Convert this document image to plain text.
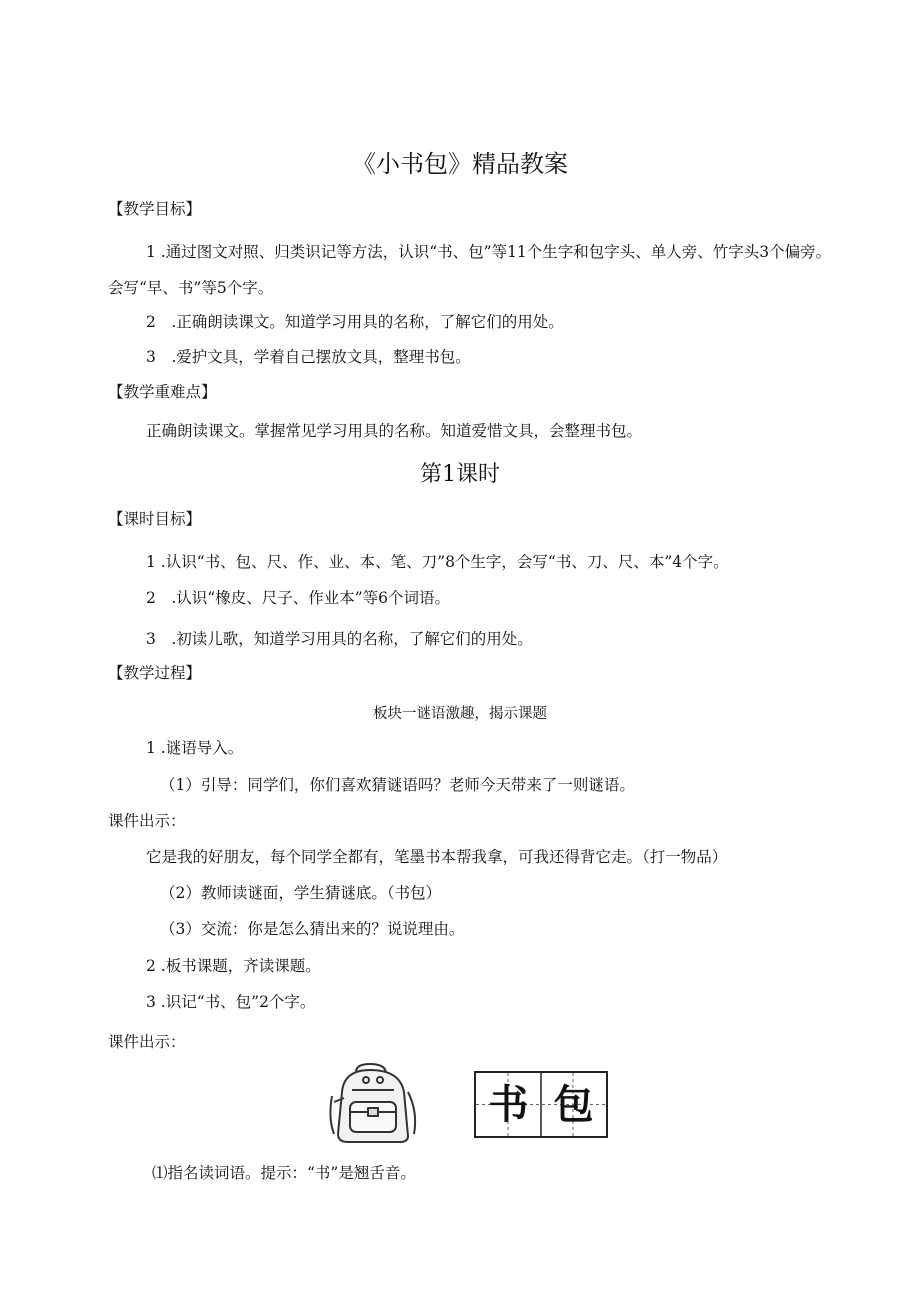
《小书包》精品教案
【教学目标】
1 .通过图文对照、归类识记等方法，认识“书、包”等11个生字和包字头、单人旁、竹字头3个偏旁。会写“早、书”等5个字。
2　.正确朗读课文。知道学习用具的名称，了解它们的用处。
3　.爱护文具，学着自己摆放文具，整理书包。
【教学重难点】
正确朗读课文。掌握常见学习用具的名称。知道爱惜文具，会整理书包。
第1课时
【课时目标】
1 .认识“书、包、尺、作、业、本、笔、刀”8个生字，会写“书、刀、尺、本”4个字。
2　.认识“橡皮、尺子、作业本”等6个词语。
3　.初读儿歌，知道学习用具的名称，了解它们的用处。
【教学过程】
板块一谜语激趣，揭示课题
1 .谜语导入。
（1）引导：同学们，你们喜欢猜谜语吗？老师今天带来了一则谜语。
课件出示：
它是我的好朋友，每个同学全都有，笔墨书本帮我拿，可我还得背它走。（打一物品）
（2）教师读谜面，学生猜谜底。（书包）
（3）交流：你是怎么猜出来的？说说理由。
2 .板书课题，齐读课题。
3 .识记“书、包”2个字。
课件出示：
书 包
⑴指名读词语。提示：“书”是翘舌音。
